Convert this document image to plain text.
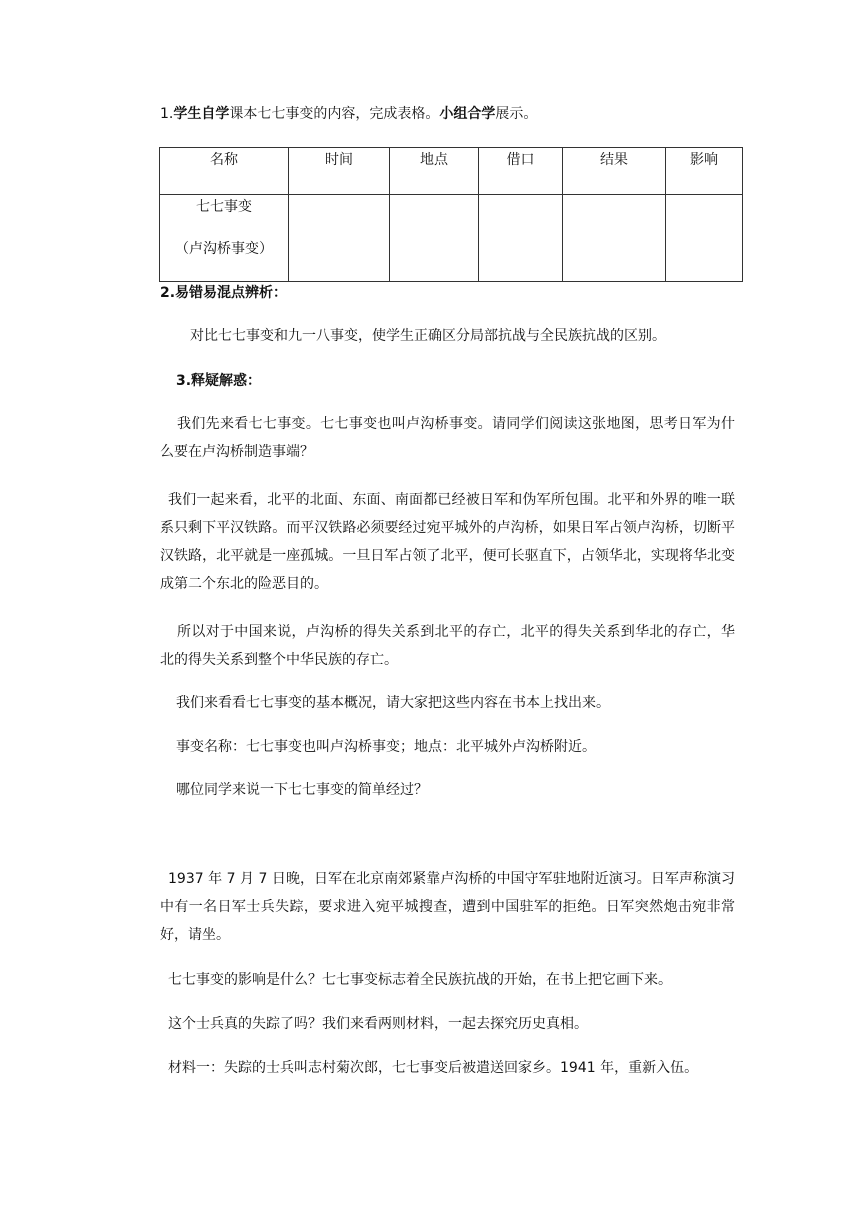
1.学生自学课本七七事变的内容，完成表格。小组合学展示。
名称	时间	地点	借口	结果	影响

七七事变
（卢沟桥事变）					

2.易错易混点辨析：
对比七七事变和九一八事变，使学生正确区分局部抗战与全民族抗战的区别。
3.释疑解惑：
我们先来看七七事变。七七事变也叫卢沟桥事变。请同学们阅读这张地图，思考日军为什么要在卢沟桥制造事端？
我们一起来看，北平的北面、东面、南面都已经被日军和伪军所包围。北平和外界的唯一联系只剩下平汉铁路。而平汉铁路必须要经过宛平城外的卢沟桥，如果日军占领卢沟桥，切断平汉铁路，北平就是一座孤城。一旦日军占领了北平，便可长驱直下，占领华北，实现将华北变成第二个东北的险恶目的。
所以对于中国来说，卢沟桥的得失关系到北平的存亡，北平的得失关系到华北的存亡，华北的得失关系到整个中华民族的存亡。
我们来看看七七事变的基本概况，请大家把这些内容在书本上找出来。
事变名称：七七事变也叫卢沟桥事变；地点：北平城外卢沟桥附近。
哪位同学来说一下七七事变的简单经过？
1937 年 7 月 7 日晚，日军在北京南郊紧靠卢沟桥的中国守军驻地附近演习。日军声称演习中有一名日军士兵失踪，要求进入宛平城搜查，遭到中国驻军的拒绝。日军突然炮击宛非常好，请坐。
七七事变的影响是什么？七七事变标志着全民族抗战的开始，在书上把它画下来。
这个士兵真的失踪了吗？我们来看两则材料，一起去探究历史真相。
材料一：失踪的士兵叫志村菊次郎，七七事变后被遣送回家乡。1941 年，重新入伍。
